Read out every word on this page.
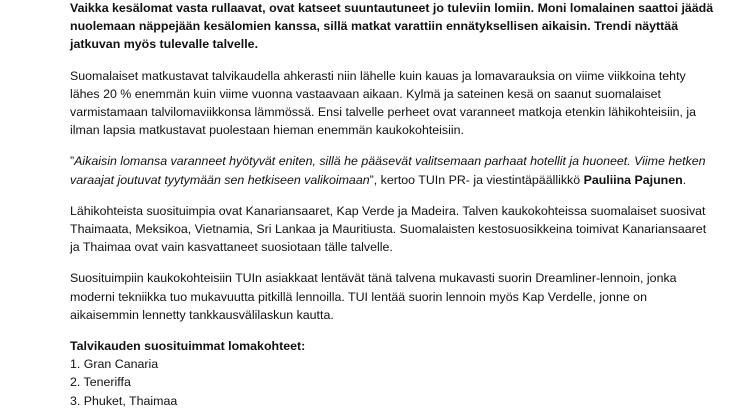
Vaikka kesälomat vasta rullaavat, ovat katseet suuntautuneet jo tuleviin lomiin. Moni lomalainen saattoi jäädä nuolemaan näppejään kesälomien kanssa, sillä matkat varattiin ennätyksellisen aikaisin. Trendi näyttää jatkuvan myös tulevalle talvelle.

Suomalaiset matkustavat talvikaudella ahkerasti niin lähelle kuin kauas ja lomavarauksia on viime viikkoina tehty lähes 20 % enemmän kuin viime vuonna vastaavaan aikaan. Kylmä ja sateinen kesä on saanut suomalaiset varmistamaan talvilomaviikkonsa lämmössä. Ensi talvelle perheet ovat varanneet matkoja etenkin lähikohteisiin, ja ilman lapsia matkustavat puolestaan hieman enemmän kaukokohteisiin.

”Aikaisin lomansa varanneet hyötyvät eniten, sillä he pääsevät valitsemaan parhaat hotellit ja huoneet. Viime hetken varaajat joutuvat tyytymään sen hetkiseen valikoimaan”, kertoo TUIn PR- ja viestintäpäällikkö Pauliina Pajunen.

Lähikohteista suosituimpia ovat Kanariansaaret, Kap Verde ja Madeira. Talven kaukokohteissa suomalaiset suosivat Thaimaata, Meksikoa, Vietnamia, Sri Lankaa ja Mauritiusta. Suomalaisten kestosuosikkeina toimivat Kanariansaaret ja Thaimaa ovat vain kasvattaneet suosiotaan tälle talvelle.

Suosituimpiin kaukokohteisiin TUIn asiakkaat lentävät tänä talvena mukavasti suorin Dreamliner-lennoin, jonka moderni tekniikka tuo mukavuutta pitkillä lennoilla. TUI lentää suorin lennoin myös Kap Verdelle, jonne on aikaisemmin lennetty tankkausvälilaskun kautta.

Talvikauden suosituimmat lomakohteet:

1. Gran Canaria
2. Teneriffa
3. Phuket, Thaimaa
